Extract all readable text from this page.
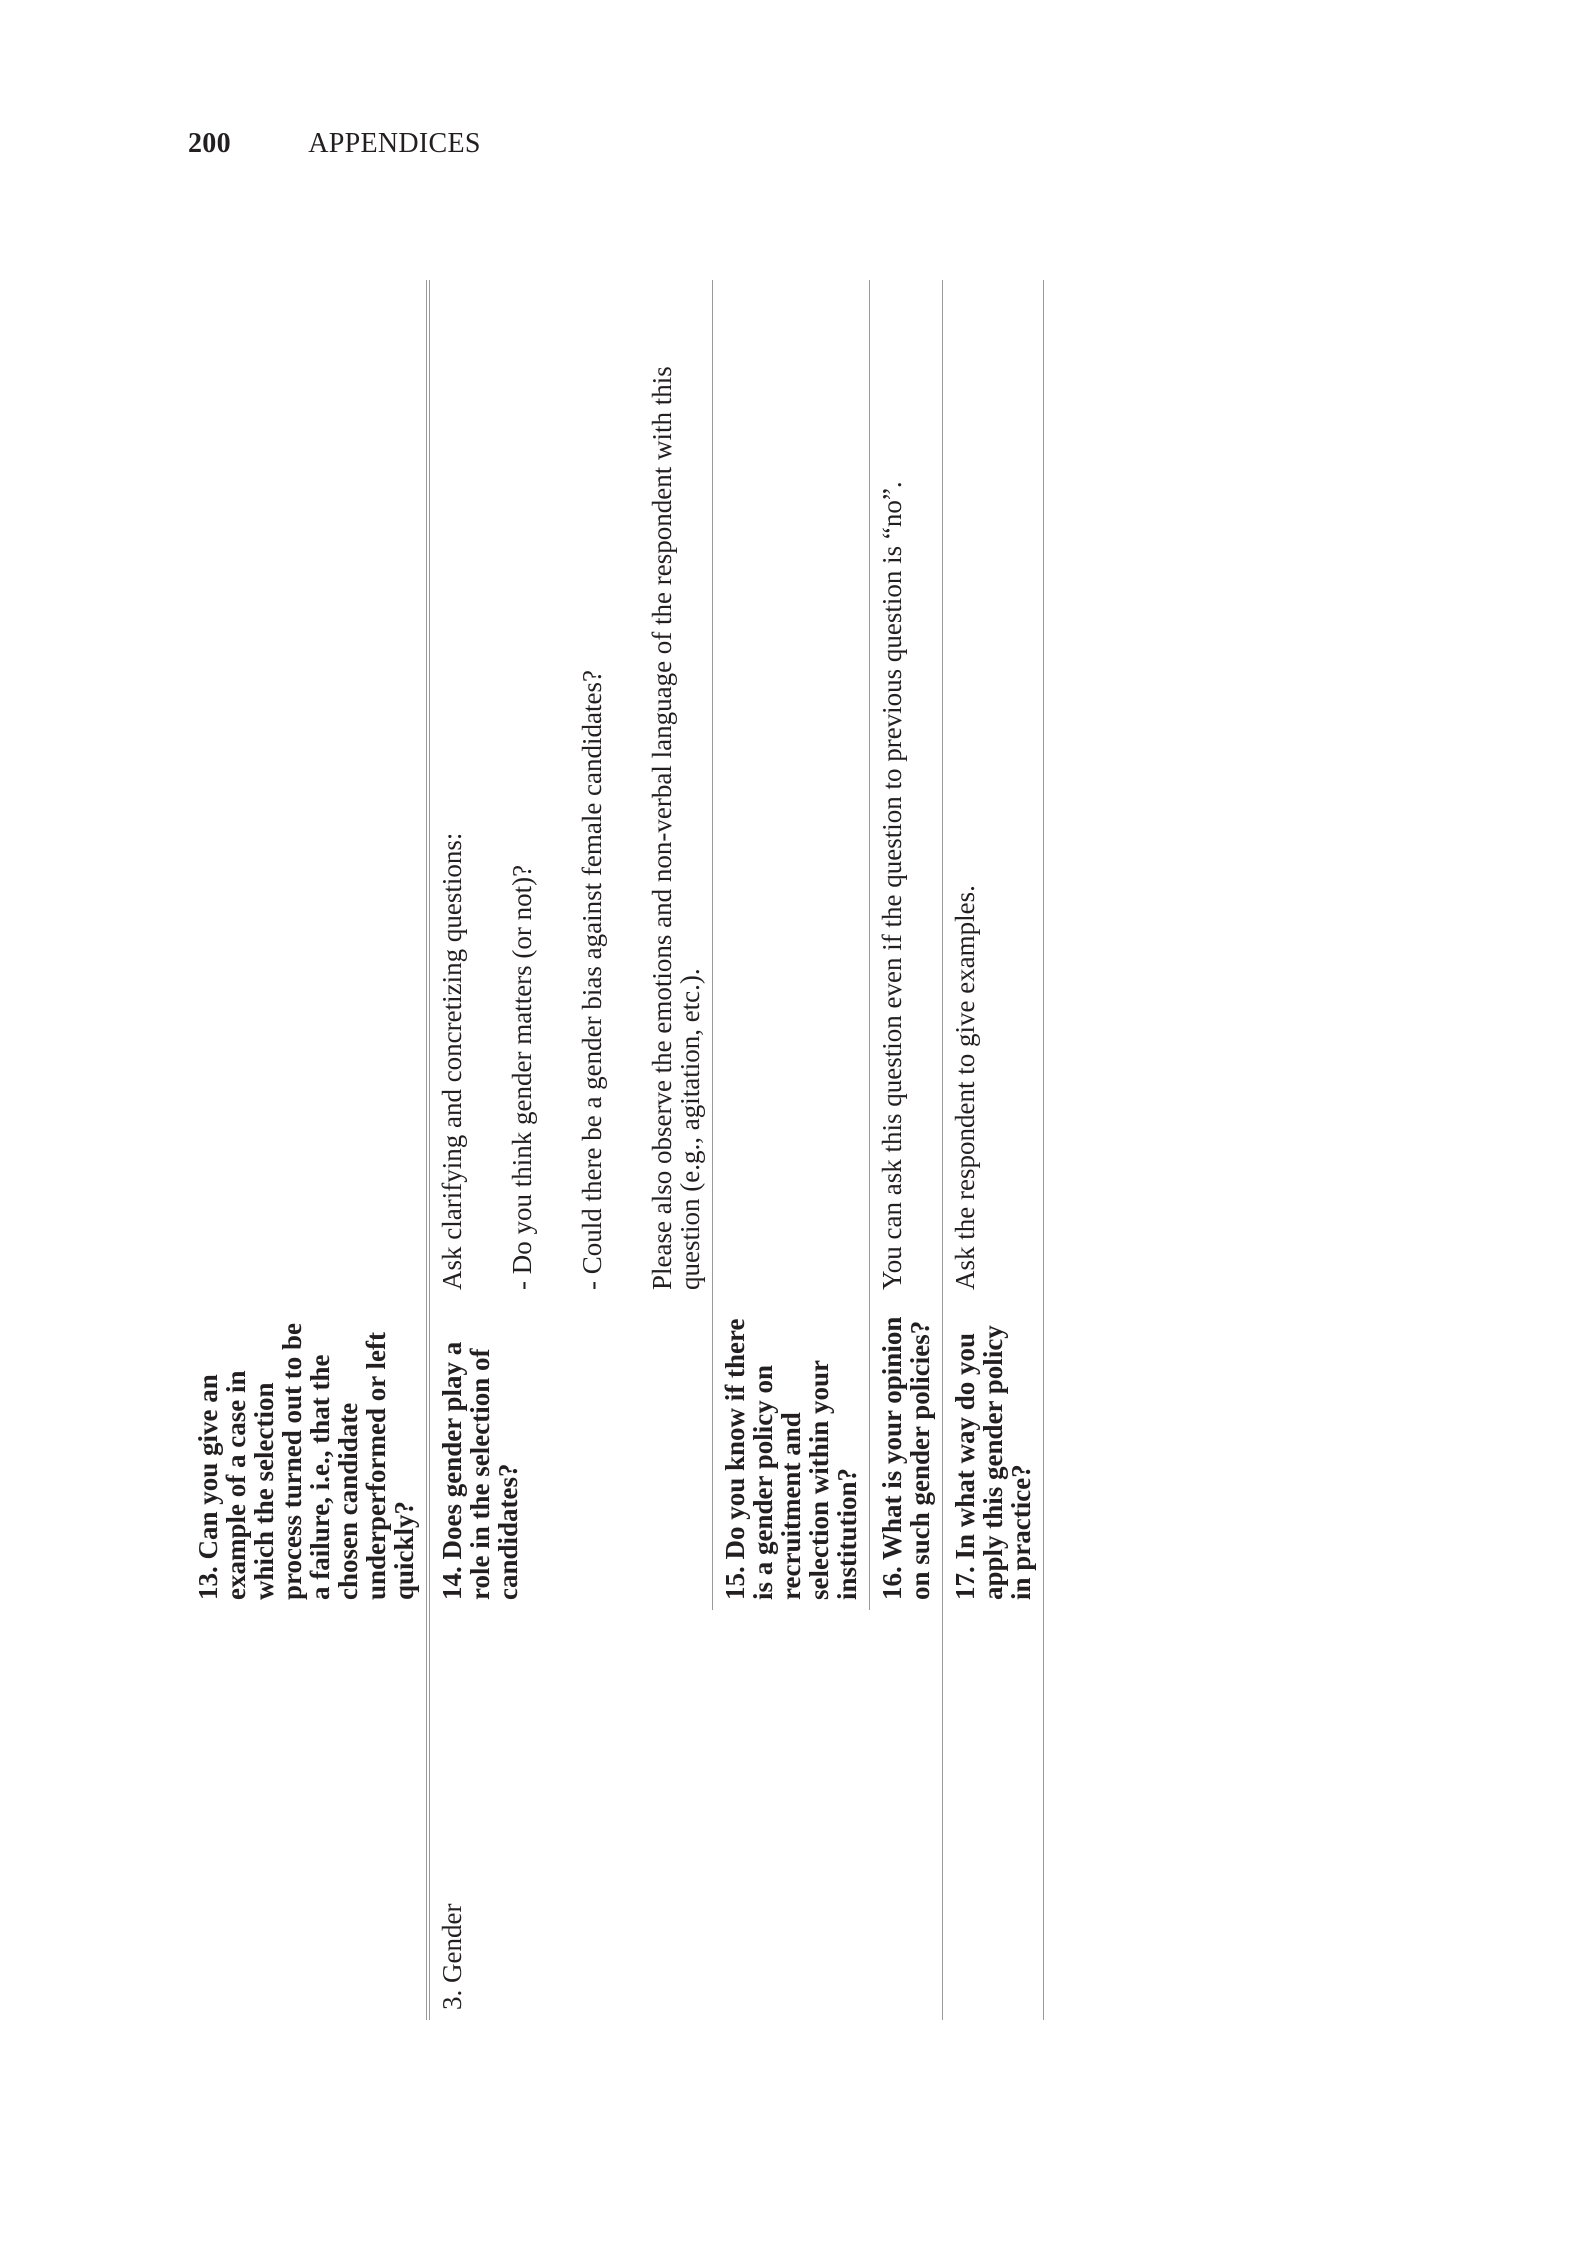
200	APPENDICES
	13. Can you give an example of a case in which the selection process turned out to be a failure, i.e., that the chosen candidate underperformed or left quickly?	
3. Gender	14. Does gender play a role in the selection of candidates?	Ask clarifying and concretizing questions: - Do you think gender matters (or not)? - Could there be a gender bias against female candidates? Please also observe the emotions and non-verbal language of the respondent with this question (e.g., agitation, etc.).

	15. Do you know if there is a gender policy on recruitment and selection within your institution?	
	16. What is your opinion on such gender policies?	You can ask this question even if the question to previous question is “no”.
	17. In what way do you apply this gender policy in practice?	Ask the respondent to give examples.
